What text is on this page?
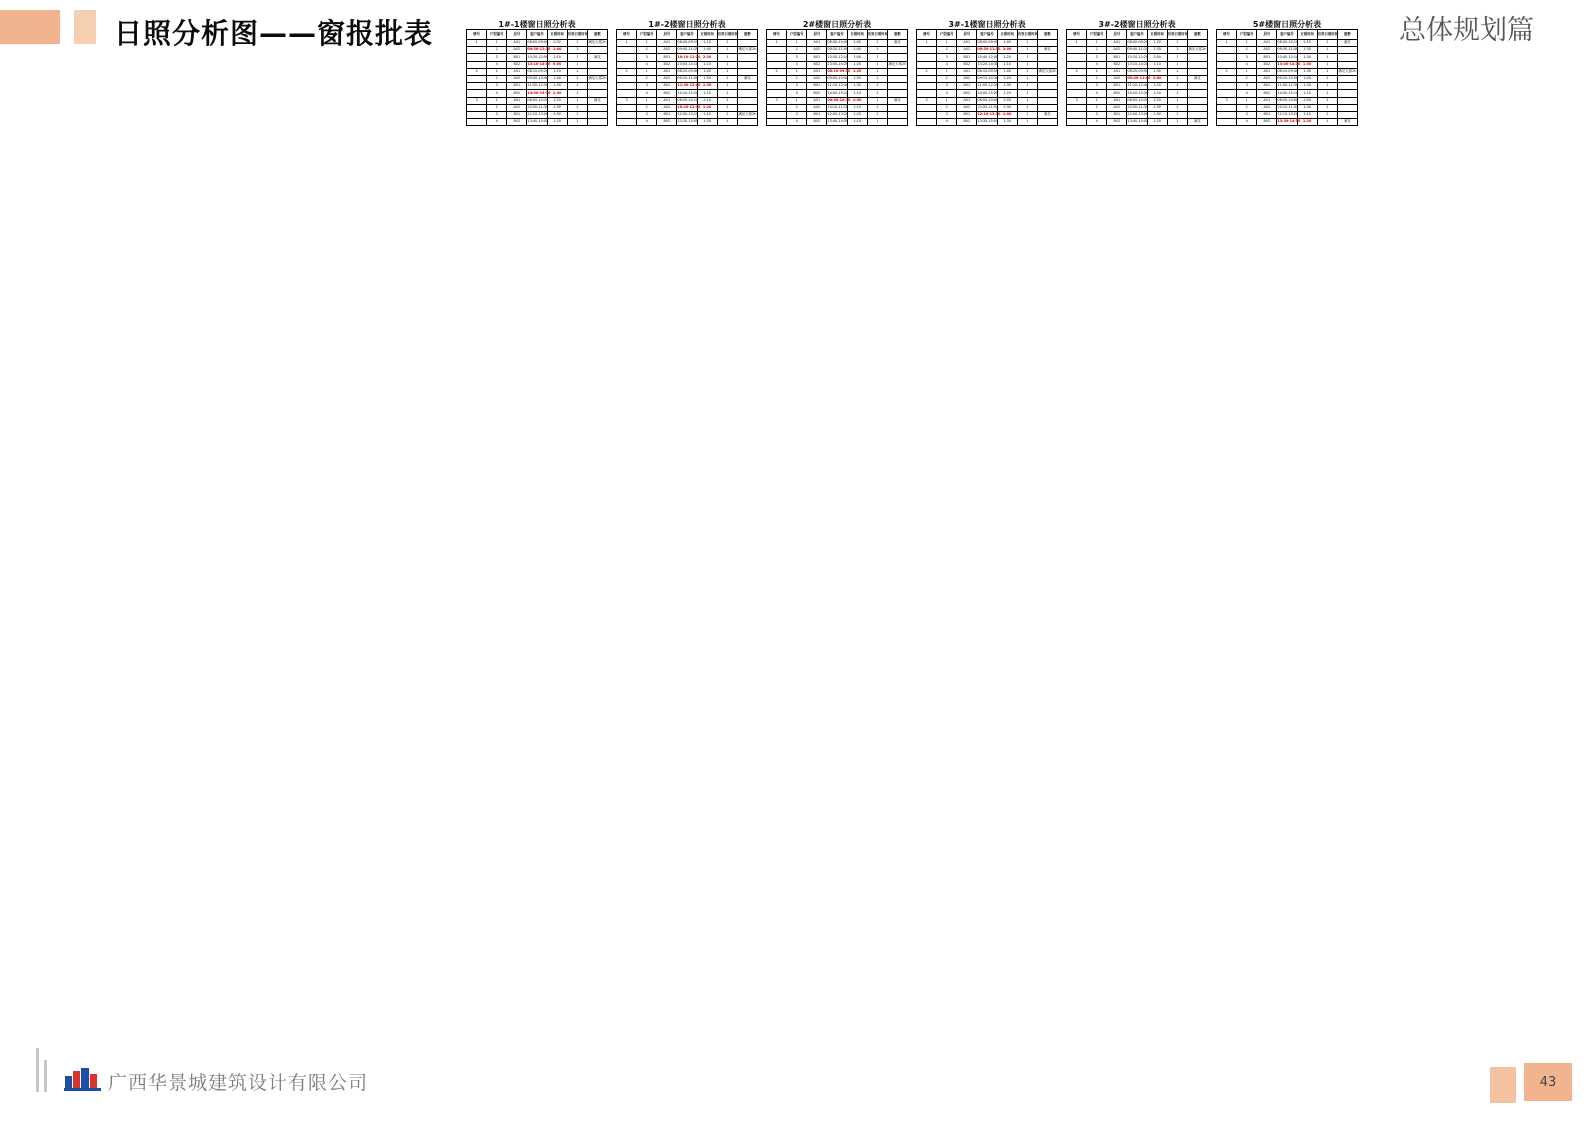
日照分析图——窗报批表	总体规划篇
1#-1楼窗日照分析表
楼号	户型编号	层号	窗户编号	日照时间	有效日照时间	窗数
1	1	A01	08:00-09:00	0:52	1	满足大寒2h
	2	A02	09:30-11:10	1:40	1	
	3	B01	10:20-12:00	2:10	1	满足
	4	B02	13:10-14:00	0:50	1	
2	1	A01	08:10-09:20	1:10	1	
	2	A02	09:00-10:40	1:40	1	满足大寒2h
	3	B01	11:00-12:50	1:50	1	
	4	B02	14:00-15:30	1:30	1	
3	1	A01	08:00-10:20	2:20	1	满足
	2	A02	10:00-11:30	1:30	1	
	3	B01	12:10-13:00	0:50	1	
	4	B02	13:40-15:00	1:20	1	
1#-2楼窗日照分析表
楼号	户型编号	层号	窗户编号	日照时间	有效日照时间	窗数
1	1	A01	08:00-09:10	1:10	1	
	2	A02	09:40-11:20	1:40	1	满足大寒2h
	3	B01	10:10-12:30	2:20	1	
	4	B02	13:00-14:10	1:10	1	
2	1	A01	08:20-09:40	1:20	1	
	2	A02	09:10-11:00	1:50	1	满足
	3	B01	11:30-13:00	1:30	1	
	4	B02	14:10-15:20	1:10	1	
3	1	A01	08:00-10:10	2:10	1	
	2	A02	10:20-11:40	1:20	1	
	3	B01	12:00-13:10	1:10	1	满足大寒2h
	4	B02	13:30-15:00	1:30	1	
2#楼窗日照分析表
楼号	户型编号	层号	窗户编号	日照时间	有效日照时间	窗数
1	1	A01	08:00-10:00	2:00	1	满足
	2	A02	09:20-11:00	1:40	1	
	3	B01	10:30-12:10	1:40	1	
	4	B02	13:00-14:20	1:20	1	满足大寒2h
2	1	A01	08:10-09:30	1:20	1	
	2	A02	09:00-10:50	1:50	1	
	3	B01	11:10-12:40	1:30	1	
	4	B02	14:00-15:10	1:10	1	
3	1	A01	08:00-10:30	2:30	1	满足
	2	A02	10:10-11:20	1:10	1	
	3	B01	12:00-13:20	1:20	1	
	4	B02	13:40-14:50	1:10	1	
3#-1楼窗日照分析表
楼号	户型编号	层号	窗户编号	日照时间	有效日照时间	窗数
1	1	A01	08:00-09:40	1:40	1	
	2	A02	09:30-11:30	2:00	1	满足
	3	B01	10:40-12:00	1:20	1	
	4	B02	13:20-14:30	1:10	1	
2	1	A01	08:10-09:50	1:40	1	满足大寒2h
	2	A02	09:10-10:30	1:20	1	
	3	B01	11:00-12:30	1:30	1	
	4	B02	14:00-15:20	1:20	1	
3	1	A01	08:00-10:00	2:00	1	
	2	A02	10:20-11:50	1:30	1	
	3	B01	12:10-13:10	1:00	1	满足
	4	B02	13:30-15:00	1:30	1	
3#-2楼窗日照分析表
楼号	户型编号	层号	窗户编号	日照时间	有效日照时间	窗数
1	1	A01	08:00-09:20	1:20	1	
	2	A02	09:40-11:10	1:30	1	满足大寒2h
	3	B01	10:20-12:20	2:00	1	
	4	B02	13:10-14:20	1:10	1	
2	1	A01	08:20-09:50	1:30	1	
	2	A02	09:00-11:00	2:00	1	满足
	3	B01	11:20-12:40	1:20	1	
	4	B02	14:10-15:30	1:20	1	
3	1	A01	08:00-10:20	2:20	1	
	2	A02	10:00-11:30	1:30	1	
	3	B01	12:00-13:00	1:00	1	
	4	B02	13:40-15:00	1:20	1	满足
5#楼窗日照分析表
楼号	户型编号	层号	窗户编号	日照时间	有效日照时间	窗数
1	1	A01	08:00-10:10	2:10	1	满足
	2	A02	09:30-11:00	1:30	1	
	3	B01	10:40-12:10	1:30	1	
	4	B02	13:00-14:30	1:30	1	
2	1	A01	08:10-09:40	1:30	1	满足大寒2h
	2	A02	09:10-10:50	1:40	1	
	3	B01	11:00-12:30	1:30	1	
	4	B02	14:00-15:10	1:10	1	
3	1	A01	08:00-10:00	2:00	1	
	2	A02	10:10-11:40	1:30	1	
	3	B01	12:10-13:20	1:10	1	
	4	B02	13:30-14:50	1:20	1	满足
广西华景城建筑设计有限公司	43
